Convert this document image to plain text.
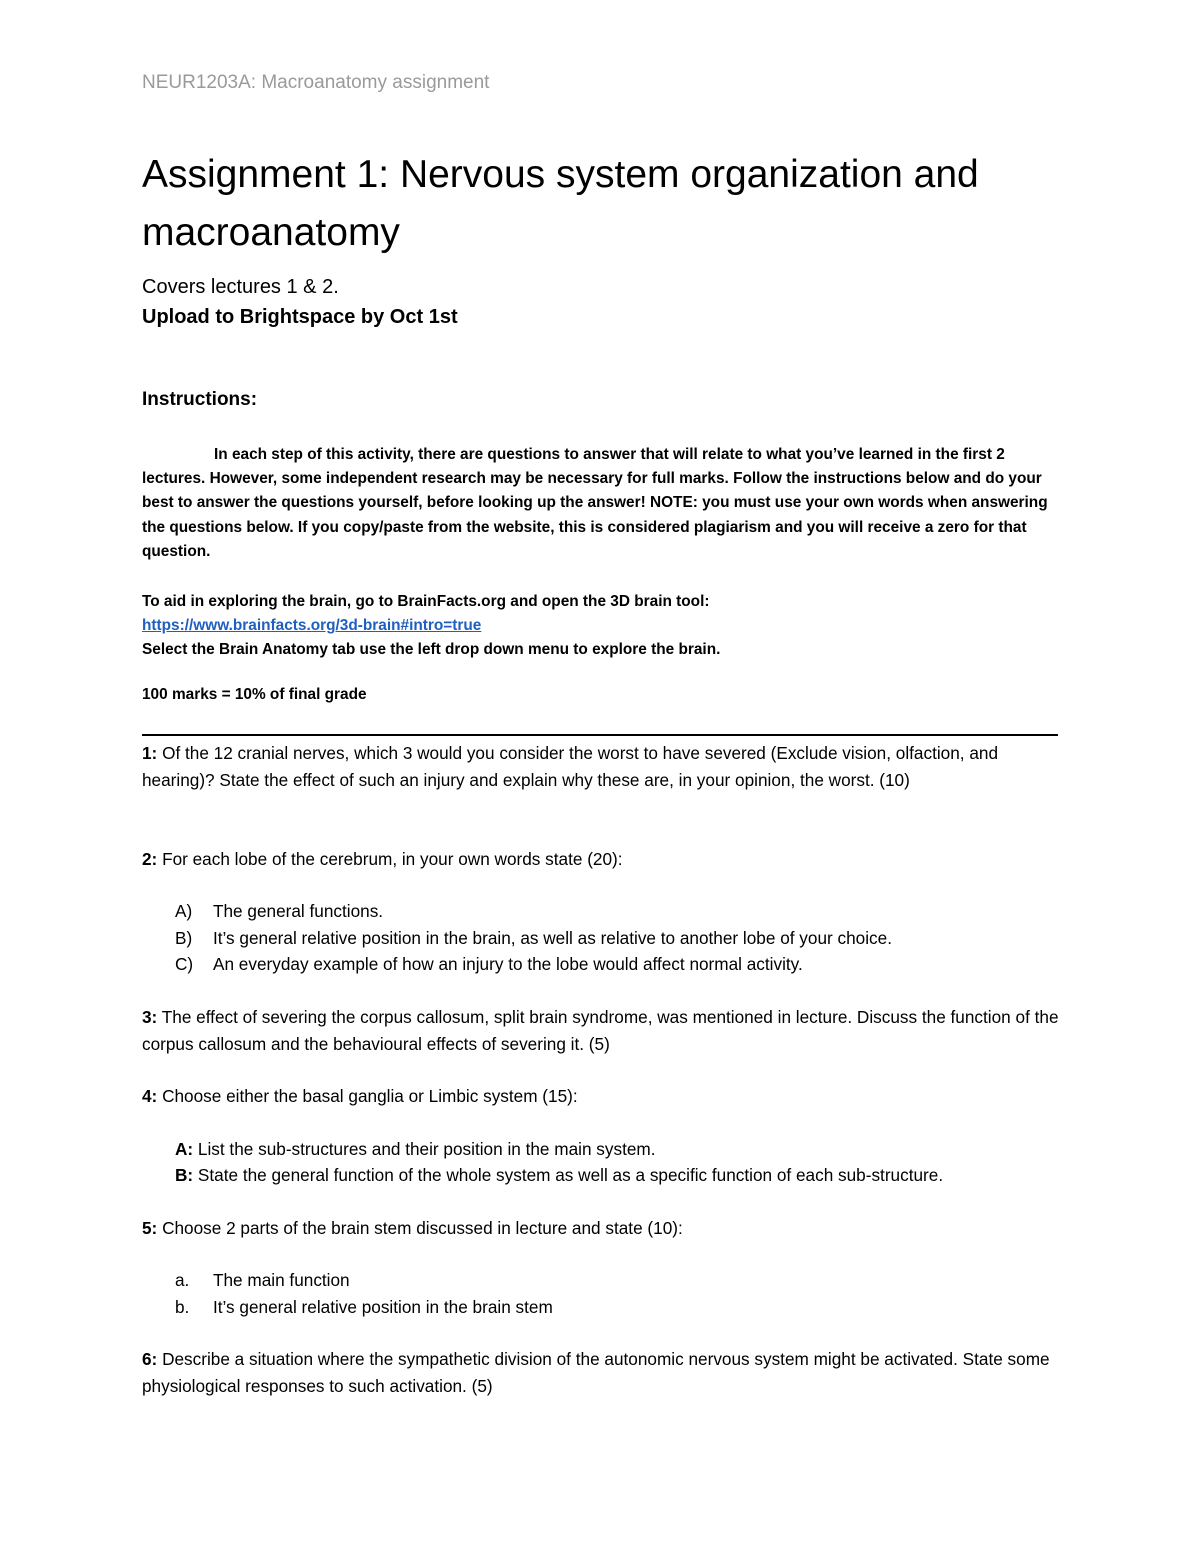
NEUR1203A: Macroanatomy assignment
Assignment 1: Nervous system organization and macroanatomy
Covers lectures 1 & 2.
Upload to Brightspace by Oct 1st
Instructions:

In each step of this activity, there are questions to answer that will relate to what you’ve learned in the first 2 lectures. However, some independent research may be necessary for full marks. Follow the instructions below and do your best to answer the questions yourself, before looking up the answer! NOTE: you must use your own words when answering the questions below. If you copy/paste from the website, this is considered plagiarism and you will receive a zero for that question.

To aid in exploring the brain, go to BrainFacts.org and open the 3D brain tool:
https://www.brainfacts.org/3d-brain#intro=true
Select the Brain Anatomy tab use the left drop down menu to explore the brain.
100 marks = 10% of final grade

1: Of the 12 cranial nerves, which 3 would you consider the worst to have severed (Exclude vision, olfaction, and hearing)? State the effect of such an injury and explain why these are, in your opinion, the worst. (10)

2: For each lobe of the cerebrum, in your own words state (20):

A)	The general functions.
B)	It’s general relative position in the brain, as well as relative to another lobe of your choice.
C)	An everyday example of how an injury to the lobe would affect normal activity.

3: The effect of severing the corpus callosum, split brain syndrome, was mentioned in lecture. Discuss the function of the corpus callosum and the behavioural effects of severing it. (5)

4: Choose either the basal ganglia or Limbic system (15):

A: List the sub-structures and their position in the main system.
B: State the general function of the whole system as well as a specific function of each sub-structure.

5: Choose 2 parts of the brain stem discussed in lecture and state (10):

a.	The main function
b.	It’s general relative position in the brain stem

6: Describe a situation where the sympathetic division of the autonomic nervous system might be activated. State some physiological responses to such activation. (5)
